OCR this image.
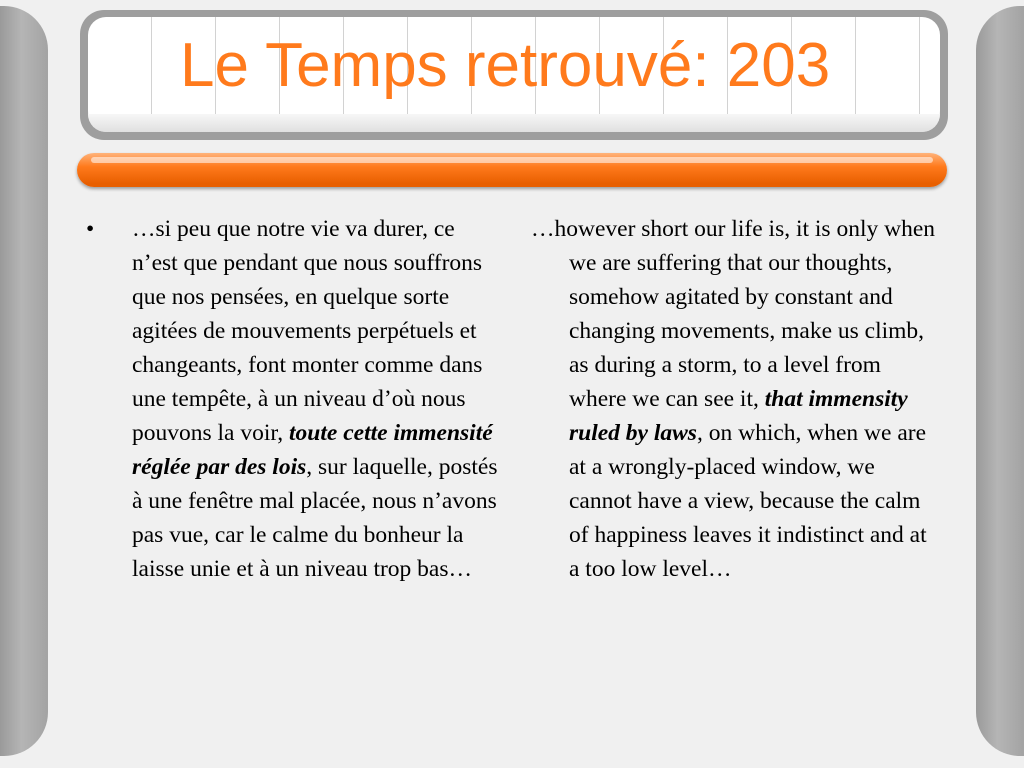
Le Temps retrouvé: 203
•	…si peu que notre vie va durer, ce n’est que pendant que nous souffrons que nos pensées, en quelque sorte agitées de mouvements perpétuels et changeants, font monter comme dans une tempête, à un niveau d’où nous pouvons la voir, toute cette immensité réglée par des lois, sur laquelle, postés à une fenêtre mal placée, nous n’avons pas vue, car le calme du bonheur la laisse unie et à un niveau trop bas…

…however short our life is, it is only when we are suffering that our thoughts, somehow agitated by constant and changing movements, make us climb, as during a storm, to a level from where we can see it, that immensity ruled by laws, on which, when we are at a wrongly-placed window, we cannot have a view, because the calm of happiness leaves it indistinct and at a too low level…
